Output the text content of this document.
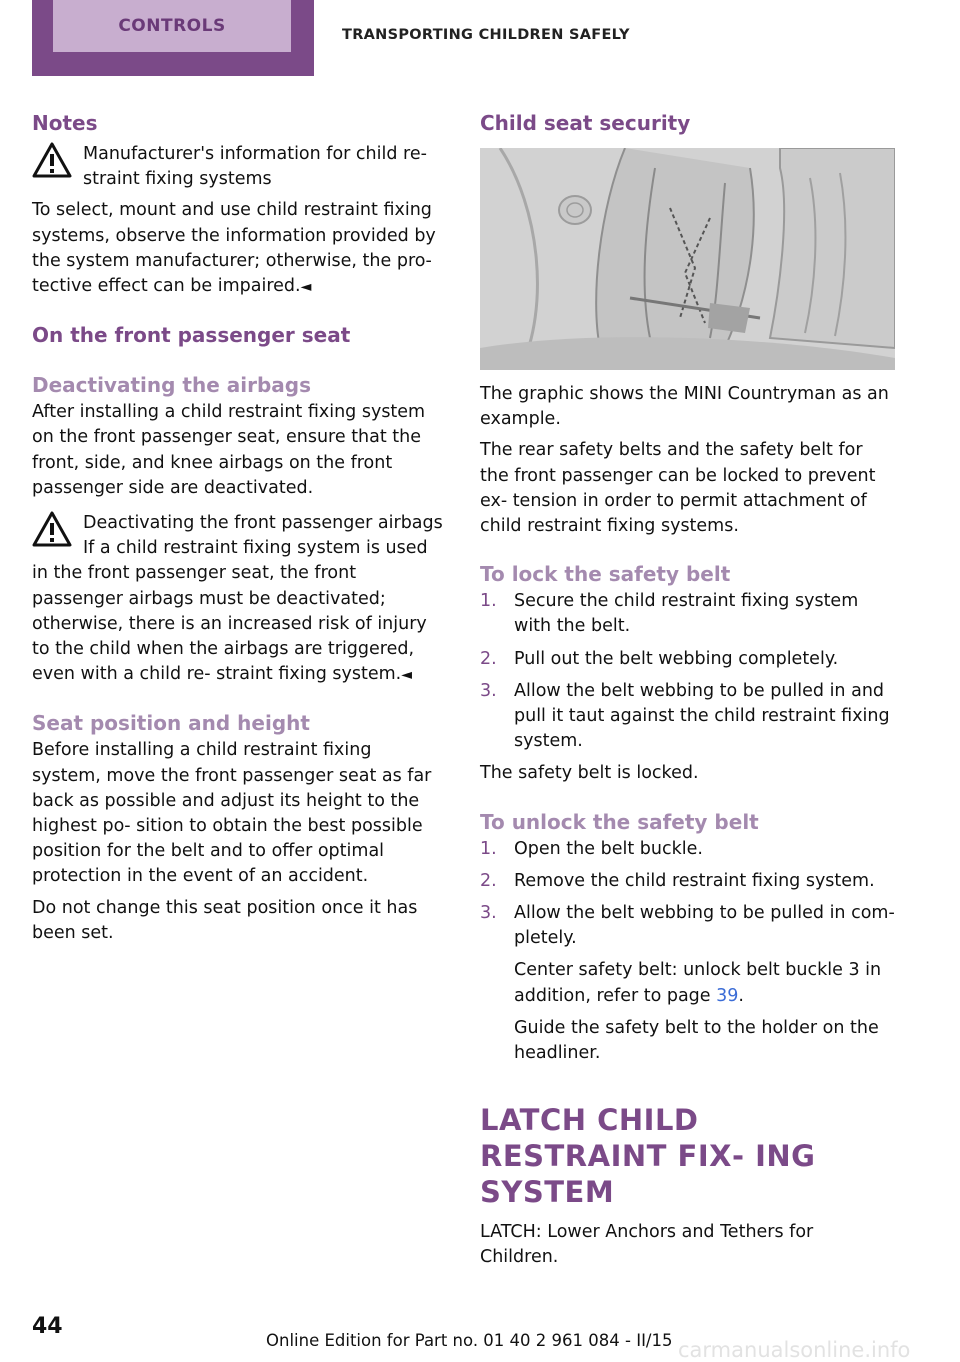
CONTROLS	TRANSPORTING CHILDREN SAFELY
Notes

Manufacturer's information for child re‐ straint fixing systems

To select, mount and use child restraint fixing systems, observe the information provided by the system manufacturer; otherwise, the pro‐ tective effect can be impaired.◄

On the front passenger seat
Deactivating the airbags

After installing a child restraint fixing system on the front passenger seat, ensure that the front, side, and knee airbags on the front passenger side are deactivated.

Deactivating the front passenger airbags

If a child restraint fixing system is used in the front passenger seat, the front passenger airbags must be deactivated; otherwise, there is an increased risk of injury to the child when the airbags are triggered, even with a child re‐ straint fixing system.◄

Seat position and height

Before installing a child restraint fixing system, move the front passenger seat as far back as possible and adjust its height to the highest po‐ sition to obtain the best possible position for the belt and to offer optimal protection in the event of an accident.

Do not change this seat position once it has been set.

Child seat security

The graphic shows the MINI Countryman as an example.

The rear safety belts and the safety belt for the front passenger can be locked to prevent ex‐ tension in order to permit attachment of child restraint fixing systems.

To lock the safety belt
1. Secure the child restraint fixing system with the belt.
2. Pull out the belt webbing completely.
3. Allow the belt webbing to be pulled in and pull it taut against the child restraint fixing system.

The safety belt is locked.

To unlock the safety belt
1. Open the belt buckle.
2. Remove the child restraint fixing system.
3. Allow the belt webbing to be pulled in com‐ pletely.
Center safety belt: unlock belt buckle 3 in addition, refer to page 39.
Guide the safety belt to the holder on the headliner.
LATCH CHILD RESTRAINT FIX‐ ING SYSTEM

LATCH: Lower Anchors and Tethers for Children.

44
Online Edition for Part no. 01 40 2 961 084 - II/15 carmanualsonline.info
